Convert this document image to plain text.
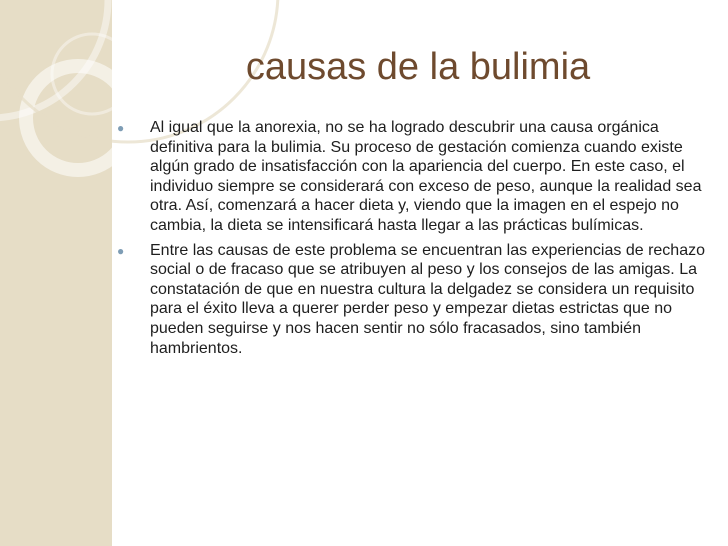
causas de la bulimia
● Al igual que la anorexia, no se ha logrado descubrir una causa orgánica definitiva para la bulimia. Su proceso de gestación comienza cuando existe algún grado de insatisfacción con la apariencia del cuerpo. En este caso, el individuo siempre se considerará con exceso de peso, aunque la realidad sea otra. Así, comenzará a hacer dieta y, viendo que la imagen en el espejo no cambia, la dieta se intensificará hasta llegar a las prácticas bulímicas.
● Entre las causas de este problema se encuentran las experiencias de rechazo social o de fracaso que se atribuyen al peso y los consejos de las amigas. La constatación de que en nuestra cultura la delgadez se considera un requisito para el éxito lleva a querer perder peso y empezar dietas estrictas que no pueden seguirse y nos hacen sentir no sólo fracasados, sino también hambrientos.
